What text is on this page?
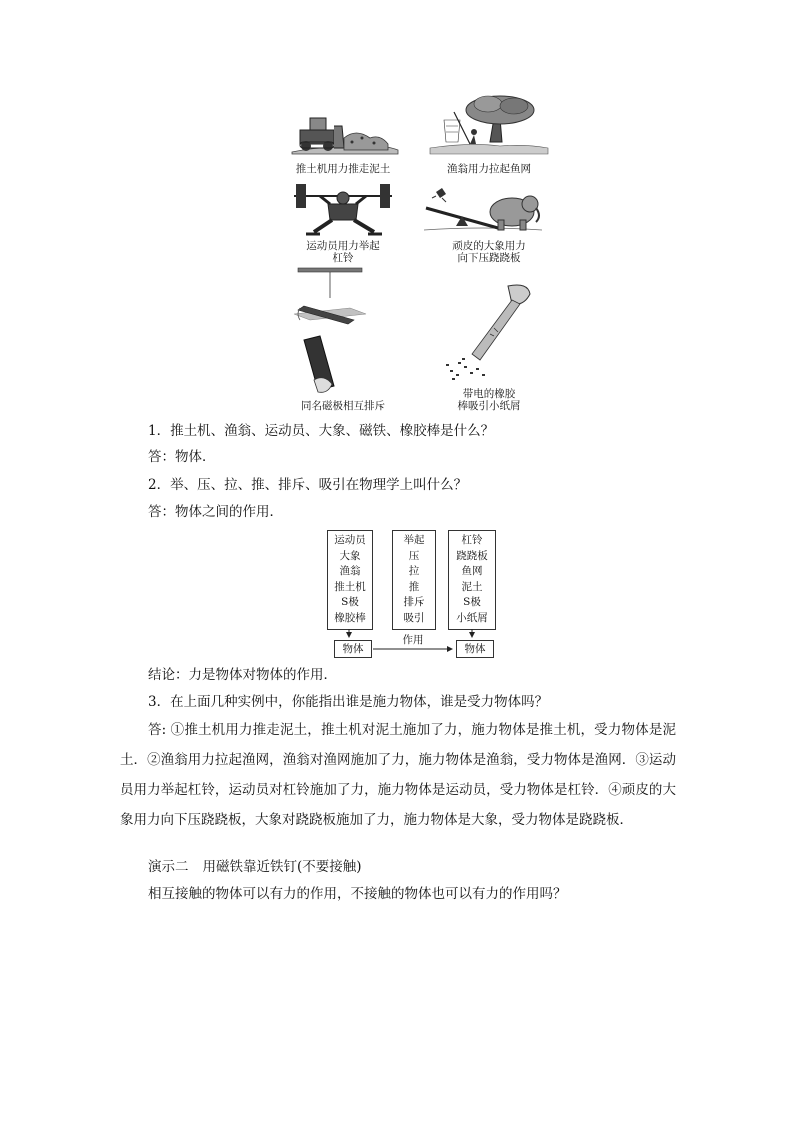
推土机用力推走泥土	渔翁用力拉起鱼网
运动员用力举起
杠铃
顽皮的大象用力
向下压跷跷板
同名磁极相互排斥
带电的橡胶
棒吸引小纸屑
1．推土机、渔翁、运动员、大象、磁铁、橡胶棒是什么？
答：物体．
2．举、压、拉、推、排斥、吸引在物理学上叫什么？
答：物体之间的作用．
运动员
大象
渔翁
推土机
S极
橡胶棒
举起
压
拉
推
排斥
吸引
杠铃
跷跷板
鱼网
泥土
S极
小纸屑
物体
作用
物体
结论：力是物体对物体的作用．
3．在上面几种实例中，你能指出谁是施力物体，谁是受力物体吗？
答: ①推土机用力推走泥土，推土机对泥土施加了力，施力物体是推土机，受力物体是泥土．②渔翁用力拉起渔网，渔翁对渔网施加了力，施力物体是渔翁，受力物体是渔网．③运动员用力举起杠铃，运动员对杠铃施加了力，施力物体是运动员，受力物体是杠铃．④顽皮的大象用力向下压跷跷板，大象对跷跷板施加了力，施力物体是大象，受力物体是跷跷板．
演示二 用磁铁靠近铁钉(不要接触)
相互接触的物体可以有力的作用，不接触的物体也可以有力的作用吗？
